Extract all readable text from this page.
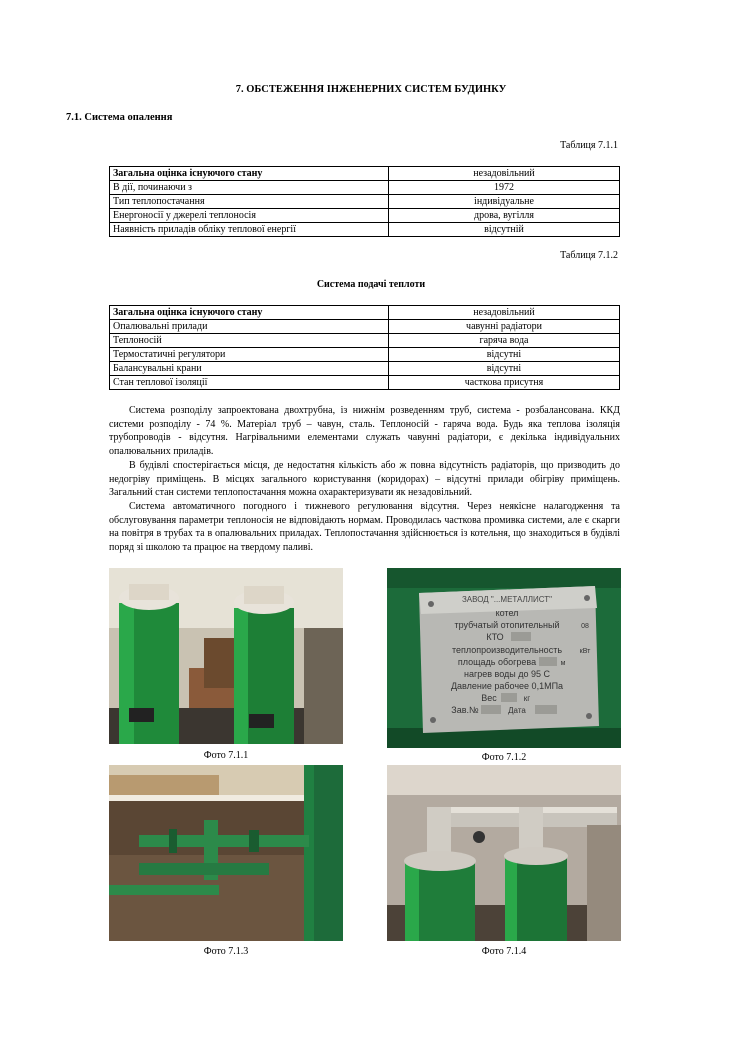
7. ОБСТЕЖЕННЯ ІНЖЕНЕРНИХ СИСТЕМ БУДИНКУ
7.1. Система опалення
Таблиця 7.1.1
Загальна оцінка існуючого стану	незадовільний
В дії, починаючи з	1972
Тип теплопостачання	індивідуальне
Енергоносії у джерелі теплоносія	дрова, вугілля
Наявність приладів обліку теплової енергії	відсутній
Таблиця 7.1.2
Система подачі теплоти
Загальна оцінка існуючого стану	незадовільний
Опалювальні прилади	чавунні радіатори
Теплоносій	гаряча вода
Термостатичні регулятори	відсутні
Балансувальні крани	відсутні
Стан теплової ізоляції	часткова присутня

Система розподілу запроектована двохтрубна, із нижнім розведенням труб, система - розбалансована. ККД системи розподілу - 74 %. Матеріал труб – чавун, сталь. Теплоносій - гаряча вода. Будь яка теплова ізоляція трубопроводів - відсутня. Нагрівальними елементами служать чавунні радіатори, є декілька індивідуальних опалювальних приладів.

В будівлі спостерігається місця, де недостатня кількість або ж повна відсутність радіаторів, що призводить до недогріву приміщень. В місцях загального користування (коридорах) – відсутні прилади обігріву приміщень. Загальний стан системи теплопостачання можна охарактеризувати як незадовільний.

Система автоматичного погодного і тижневого регулювання відсутня. Через неякісне налагодження та обслуговування параметри теплоносія не відповідають нормам. Проводилась часткова промивка системи, але є скарги на повітря в трубах та в опалювальних приладах. Теплопостачання здійснюється із котельня, що знаходиться в будівлі поряд зі школою та працює на твердому паливі.

Фото 7.1.1
ЗАВОД "...МЕТАЛЛИСТ"
котел
трубчатый отопительный	08
КТО
теплопроизводительность	кВт
площадь обогрева	м
нагрев воды до 95 С
Давление рабочее 0,1МПа
Вес	кг
Зав.№	Дата
Фото 7.1.2
Фото 7.1.3	Фото 7.1.4
